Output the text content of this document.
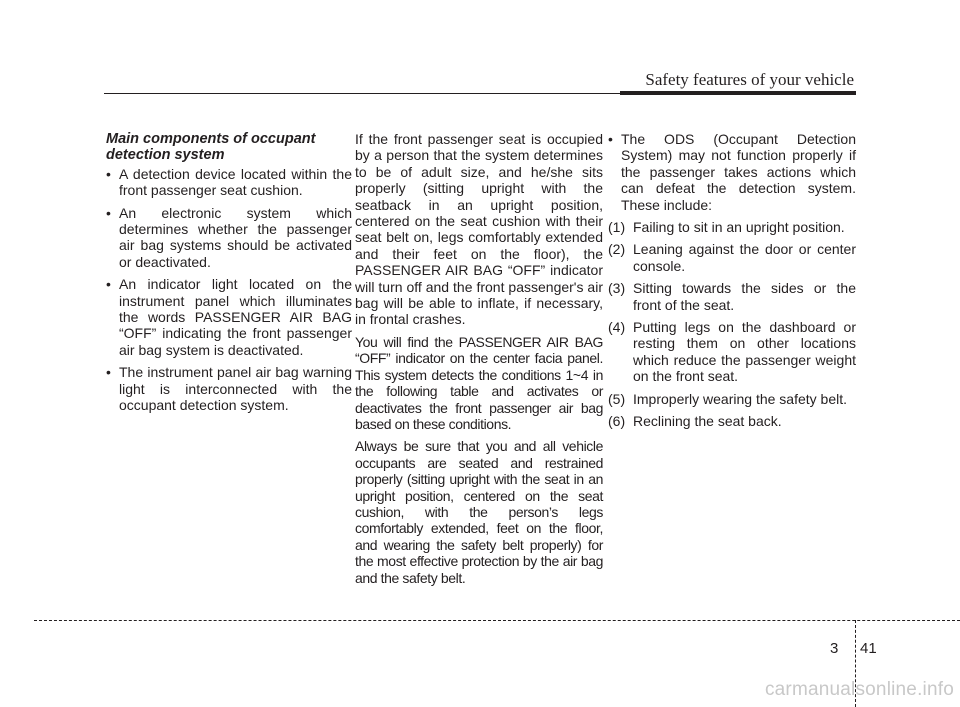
Safety features of your vehicle
Main components of occupant detection system
• A detection device located within the front passenger seat cushion.
• An electronic system which determines whether the passenger air bag systems should be activated or deactivated.
• An indicator light located on the instrument panel which illuminates the words PASSENGER AIR BAG “OFF” indicating the front passenger air bag system is deactivated.
• The instrument panel air bag warning light is interconnected with the occupant detection system.

If the front passenger seat is occupied by a person that the system determines to be of adult size, and he/she sits properly (sitting upright with the seatback in an upright position, centered on the seat cushion with their seat belt on, legs comfortably extended and their feet on the floor), the PASSENGER AIR BAG “OFF” indicator will turn off and the front passenger's air bag will be able to inflate, if necessary, in frontal crashes.

You will find the PASSENGER AIR BAG “OFF” indicator on the center facia panel. This system detects the conditions 1~4 in the following table and activates or deactivates the front passenger air bag based on these conditions.

Always be sure that you and all vehicle occupants are seated and restrained properly (sitting upright with the seat in an upright position, centered on the seat cushion, with the person’s legs comfortably extended, feet on the floor, and wearing the safety belt properly) for the most effective protection by the air bag and the safety belt.

• The ODS (Occupant Detection System) may not function properly if the passenger takes actions which can defeat the detection system. These include:
(1) Failing to sit in an upright position.
(2) Leaning against the door or center console.
(3) Sitting towards the sides or the front of the seat.
(4) Putting legs on the dashboard or resting them on other locations which reduce the passenger weight on the front seat.
(5) Improperly wearing the safety belt.
(6) Reclining the seat back.
3 41
carmanualsonline.info
